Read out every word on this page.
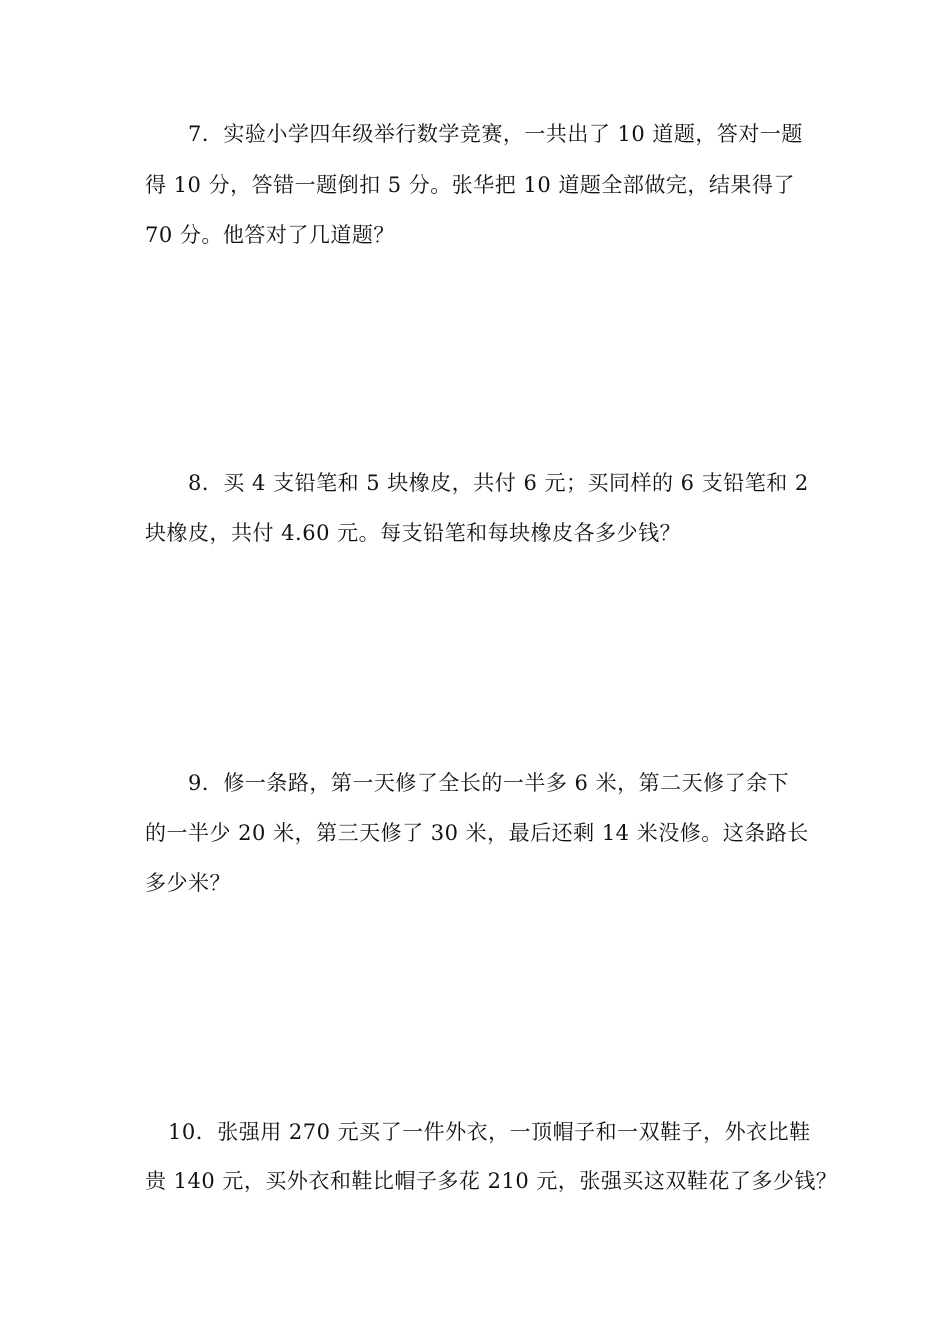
7．实验小学四年级举行数学竞赛，一共出了 10 道题，答对一题
得 10 分，答错一题倒扣 5 分。张华把 10 道题全部做完，结果得了
70 分。他答对了几道题？
8．买 4 支铅笔和 5 块橡皮，共付 6 元；买同样的 6 支铅笔和 2
块橡皮，共付 4.60 元。每支铅笔和每块橡皮各多少钱？
9．修一条路，第一天修了全长的一半多 6 米，第二天修了余下
的一半少 20 米，第三天修了 30 米，最后还剩 14 米没修。这条路长
多少米？
10．张强用 270 元买了一件外衣，一顶帽子和一双鞋子，外衣比鞋
贵 140 元，买外衣和鞋比帽子多花 210 元，张强买这双鞋花了多少钱？
